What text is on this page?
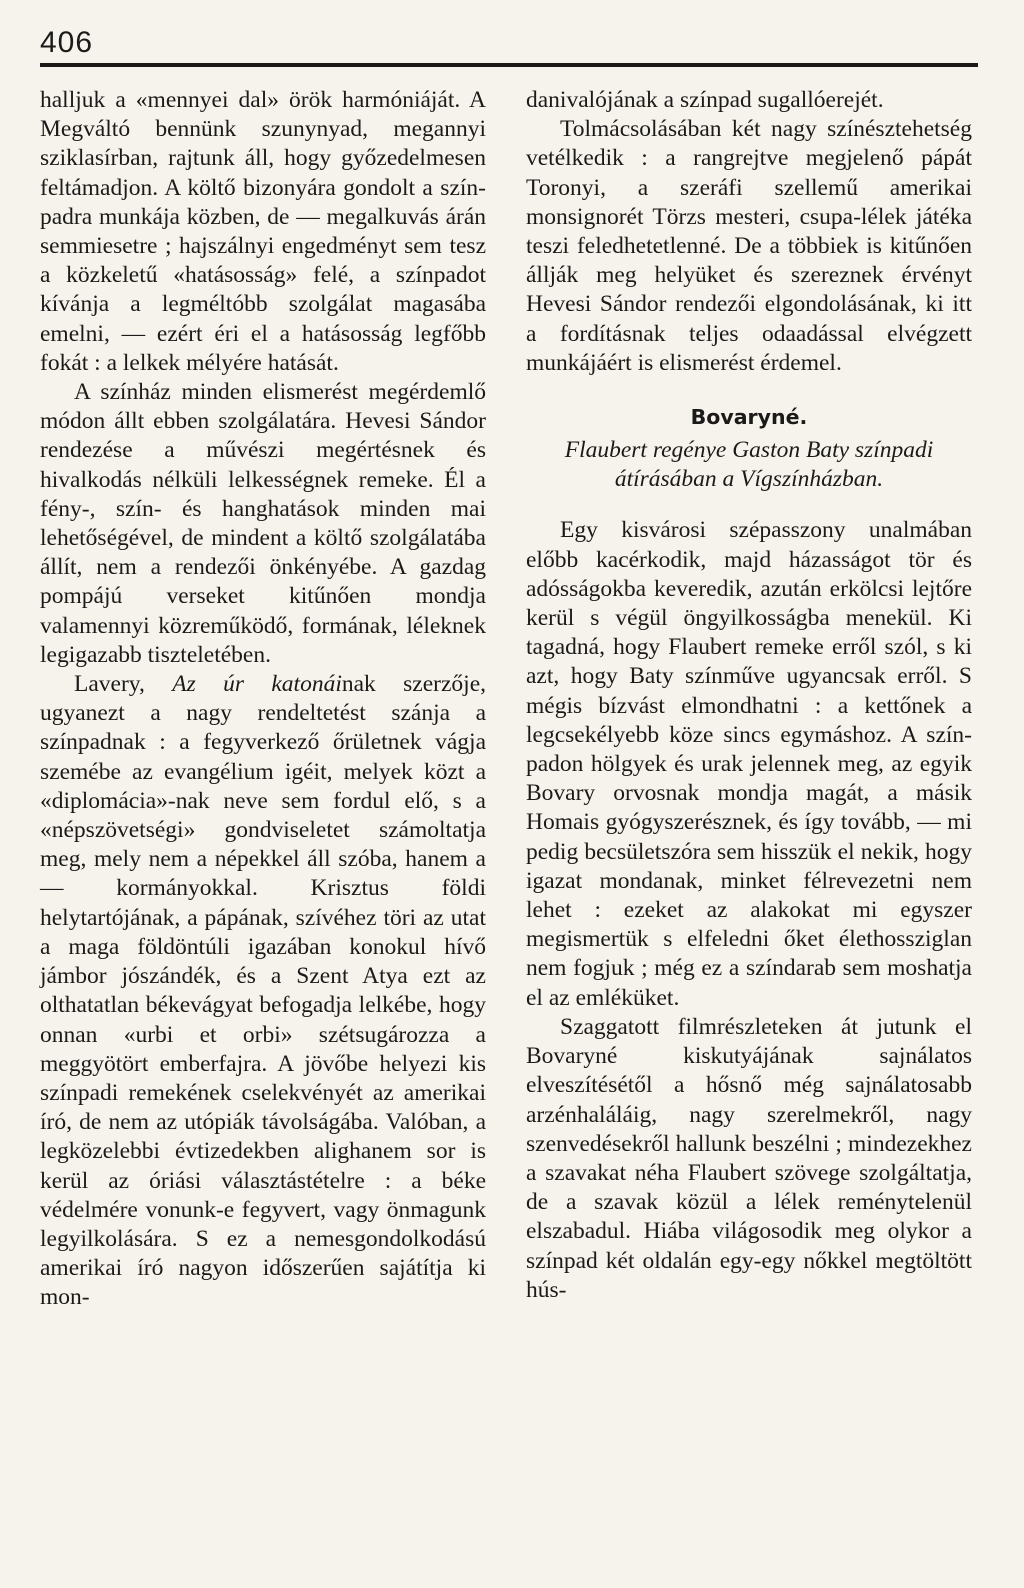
406

halljuk a «mennyei dal» örök harmóniáját. A Megváltó bennünk szunynyad, megannyi sziklasírban, rajtunk áll, hogy győzedelmesen feltámadjon. A költő bizonyára gondolt a színpadra munkája közben, de — megalkuvás árán semmiesetre ; hajszálnyi engedményt sem tesz a közkeletű «hatásosság» felé, a színpadot kívánja a legméltóbb szolgálat magasába emelni, — ezért éri el a hatásosság legfőbb fokát : a lelkek mélyére hatását.

A színház minden elismerést megérdemlő módon állt ebben szolgálatára. Hevesi Sándor rendezése a művészi megértésnek és hivalkodás nélküli lelkességnek remeke. Él a fény-, szín- és hanghatások minden mai lehetőségével, de mindent a költő szolgálatába állít, nem a rendezői önkényébe. A gazdag pompájú verseket kitűnően mondja valamennyi közreműködő, formának, léleknek legigazabb tiszteletében.

Lavery, Az úr katonáinak szerzője, ugyanezt a nagy rendeltetést szánja a színpadnak : a fegyverkező őrületnek vágja szemébe az evangélium igéit, melyek közt a «diplomácia»-nak neve sem fordul elő, s a «népszövetségi» gondviseletet számoltatja meg, mely nem a népekkel áll szóba, hanem a — kormányokkal. Krisztus földi helytartójának, a pápának, szívéhez töri az utat a maga földöntúli igazában konokul hívő jámbor jószándék, és a Szent Atya ezt az olthatatlan békevágyat befogadja lelkébe, hogy onnan «urbi et orbi» szétsugározza a meggyötört emberfajra. A jövőbe helyezi kis színpadi remekének cselekvényét az amerikai író, de nem az utópiák távolságába. Valóban, a legközelebbi évtizedekben alighanem sor is kerül az óriási választástételre : a béke védelmére vonunk-e fegyvert, vagy önmagunk legyilkolására. S ez a nemesgondolkodású amerikai író nagyon időszerűen sajátítja ki mon-

danivalójának a színpad sugallóerejét.

Tolmácsolásában két nagy színésztehetség vetélkedik : a rangrejtve megjelenő pápát Toronyi, a szeráfi szellemű amerikai monsignorét Törzs mesteri, csupa-lélek játéka teszi feledhetetlenné. De a többiek is kitűnően állják meg helyüket és szereznek érvényt Hevesi Sándor rendezői elgondolásának, ki itt a fordításnak teljes odaadással elvégzett munkájáért is elismerést érdemel.

Bovaryné.
Flaubert regénye Gaston Baty színpadi átírásában a Vígszínházban.

Egy kisvárosi szépasszony unalmában előbb kacérkodik, majd házasságot tör és adósságokba keveredik, azután erkölcsi lejtőre kerül s végül öngyilkosságba menekül. Ki tagadná, hogy Flaubert remeke erről szól, s ki azt, hogy Baty színműve ugyancsak erről. S mégis bízvást elmondhatni : a kettőnek a legcsekélyebb köze sincs egymáshoz. A színpadon hölgyek és urak jelennek meg, az egyik Bovary orvosnak mondja magát, a másik Homais gyógyszerésznek, és így tovább, — mi pedig becsületszóra sem hisszük el nekik, hogy igazat mondanak, minket félrevezetni nem lehet : ezeket az alakokat mi egyszer megismertük s elfeledni őket élethossziglan nem fogjuk ; még ez a színdarab sem moshatja el az emléküket.

Szaggatott filmrészleteken át jutunk el Bovaryné kiskutyájának sajnálatos elveszítésétől a hősnő még sajnálatosabb arzénhaláláig, nagy szerelmekről, nagy szenvedésekről hallunk beszélni ; mindezekhez a szavakat néha Flaubert szövege szolgáltatja, de a szavak közül a lélek reménytelenül elszabadul. Hiába világosodik meg olykor a színpad két oldalán egy-egy nőkkel megtöltött hús-
